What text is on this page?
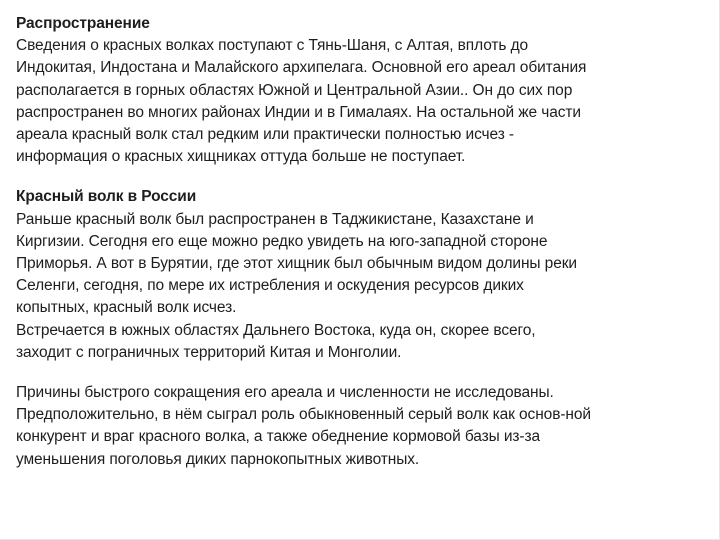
Распространение
Сведения о красных волках поступают с Тянь-Шаня, с Алтая, вплоть до
Индокитая, Индостана и Малайского архипелага. Основной его ареал обитания
располагается в горных областях Южной и Центральной Азии.. Он до сих пор
распространен во многих районах Индии и в Гималаях. На остальной же части
ареала красный волк стал редким или практически полностью исчез -
информация о красных хищниках оттуда больше не поступает.
Красный волк в России
Раньше красный волк был распространен в Таджикистане, Казахстане и
Киргизии. Сегодня его еще можно редко увидеть на юго-западной стороне
Приморья. А вот в Бурятии, где этот хищник был обычным видом долины реки
Селенги, сегодня, по мере их истребления и оскудения ресурсов диких
копытных, красный волк исчез.
Встречается в южных областях Дальнего Востока, куда он, скорее всего,
заходит с пограничных территорий Китая и Монголии.
Причины быстрого сокращения его ареала и численности не исследованы.
Предположительно, в нём сыграл роль обыкновенный серый волк как основ-ной
конкурент и враг красного волка, а также обеднение кормовой базы из-за
уменьшения поголовья диких парнокопытных животных.
